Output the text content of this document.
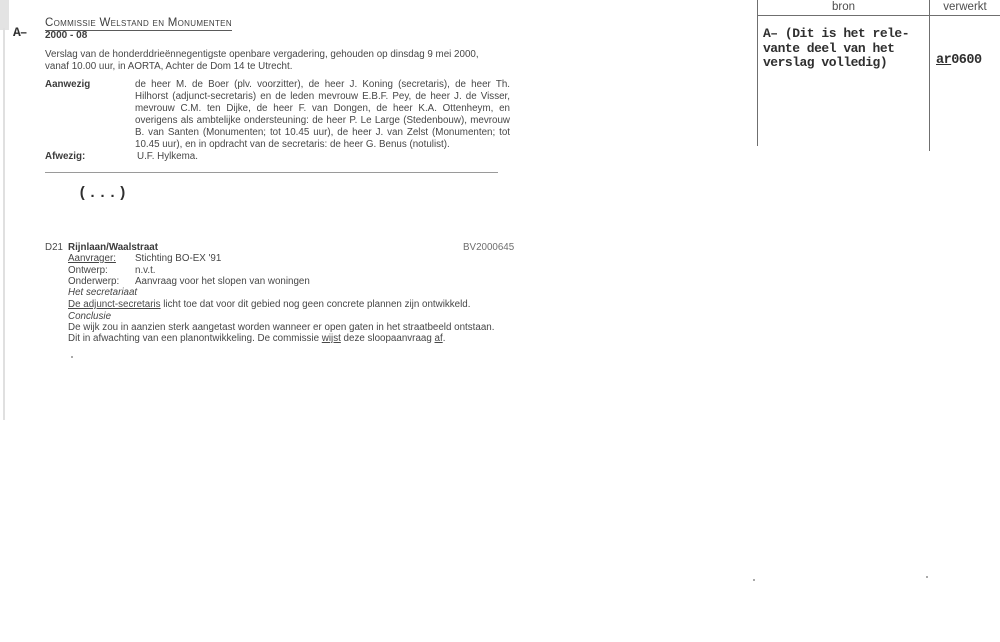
A–
Commissie Welstand en Monumenten
2000 - 08
Verslag van de honderddrieënnegentigste openbare vergadering, gehouden op dinsdag 9 mei 2000, vanaf 10.00 uur, in AORTA, Achter de Dom 14 te Utrecht.
Aanwezig	de heer M. de Boer (plv. voorzitter), de heer J. Koning (secretaris), de heer Th. Hilhorst (adjunct-secretaris) en de leden mevrouw E.B.F. Pey, de heer J. de Visser, mevrouw C.M. ten Dijke, de heer F. van Dongen, de heer K.A. Ottenheym, en overigens als ambtelijke ondersteuning: de heer P. Le Large (Stedenbouw), mevrouw B. van Santen (Monumenten; tot 10.45 uur), de heer J. van Zelst (Monumenten; tot 10.45 uur), en in opdracht van de secretaris: de heer G. Benus (notulist).
Afwezig:	U.F. Hylkema.
(...)
D21 Rijnlaan/Waalstraat	BV2000645
Aanvrager:	Stichting BO-EX '91
Ontwerp:	n.v.t.
Onderwerp:	Aanvraag voor het slopen van woningen
Het secretariaat
De adjunct-secretaris licht toe dat voor dit gebied nog geen concrete plannen zijn ontwikkeld.
Conclusie
De wijk zou in aanzien sterk aangetast worden wanneer er open gaten in het straatbeeld ontstaan.
Dit in afwachting van een planontwikkeling. De commissie wijst deze sloopaanvraag af.
bron	verwerkt
A– (Dit is het rele-
vante deel van het
verslag volledig)	ar0600
